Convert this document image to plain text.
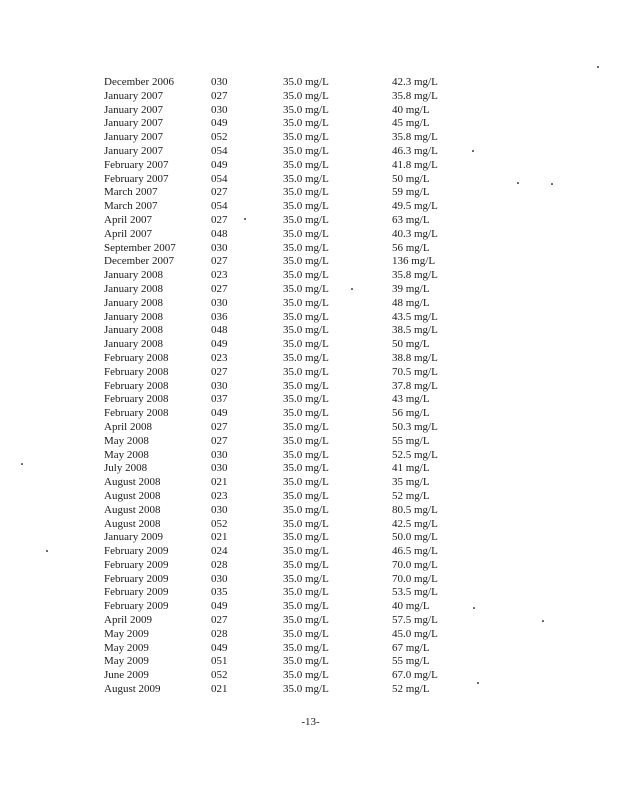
December 2006	030	35.0 mg/L	42.3 mg/L
January 2007	027	35.0 mg/L	35.8 mg/L
January 2007	030	35.0 mg/L	40 mg/L
January 2007	049	35.0 mg/L	45 mg/L
January 2007	052	35.0 mg/L	35.8 mg/L
January 2007	054	35.0 mg/L	46.3 mg/L
February 2007	049	35.0 mg/L	41.8 mg/L
February 2007	054	35.0 mg/L	50 mg/L
March 2007	027	35.0 mg/L	59 mg/L
March 2007	054	35.0 mg/L	49.5 mg/L
April 2007	027	35.0 mg/L	63 mg/L
April 2007	048	35.0 mg/L	40.3 mg/L
September 2007	030	35.0 mg/L	56 mg/L
December 2007	027	35.0 mg/L	136 mg/L
January 2008	023	35.0 mg/L	35.8 mg/L
January 2008	027	35.0 mg/L	39 mg/L
January 2008	030	35.0 mg/L	48 mg/L
January 2008	036	35.0 mg/L	43.5 mg/L
January 2008	048	35.0 mg/L	38.5 mg/L
January 2008	049	35.0 mg/L	50 mg/L
February 2008	023	35.0 mg/L	38.8 mg/L
February 2008	027	35.0 mg/L	70.5 mg/L
February 2008	030	35.0 mg/L	37.8 mg/L
February 2008	037	35.0 mg/L	43 mg/L
February 2008	049	35.0 mg/L	56 mg/L
April 2008	027	35.0 mg/L	50.3 mg/L
May 2008	027	35.0 mg/L	55 mg/L
May 2008	030	35.0 mg/L	52.5 mg/L
July 2008	030	35.0 mg/L	41 mg/L
August 2008	021	35.0 mg/L	35 mg/L
August 2008	023	35.0 mg/L	52 mg/L
August 2008	030	35.0 mg/L	80.5 mg/L
August 2008	052	35.0 mg/L	42.5 mg/L
January 2009	021	35.0 mg/L	50.0 mg/L
February 2009	024	35.0 mg/L	46.5 mg/L
February 2009	028	35.0 mg/L	70.0 mg/L
February 2009	030	35.0 mg/L	70.0 mg/L
February 2009	035	35.0 mg/L	53.5 mg/L
February 2009	049	35.0 mg/L	40 mg/L
April 2009	027	35.0 mg/L	57.5 mg/L
May 2009	028	35.0 mg/L	45.0 mg/L
May 2009	049	35.0 mg/L	67 mg/L
May 2009	051	35.0 mg/L	55 mg/L
June 2009	052	35.0 mg/L	67.0 mg/L
August 2009	021	35.0 mg/L	52 mg/L
-13-
